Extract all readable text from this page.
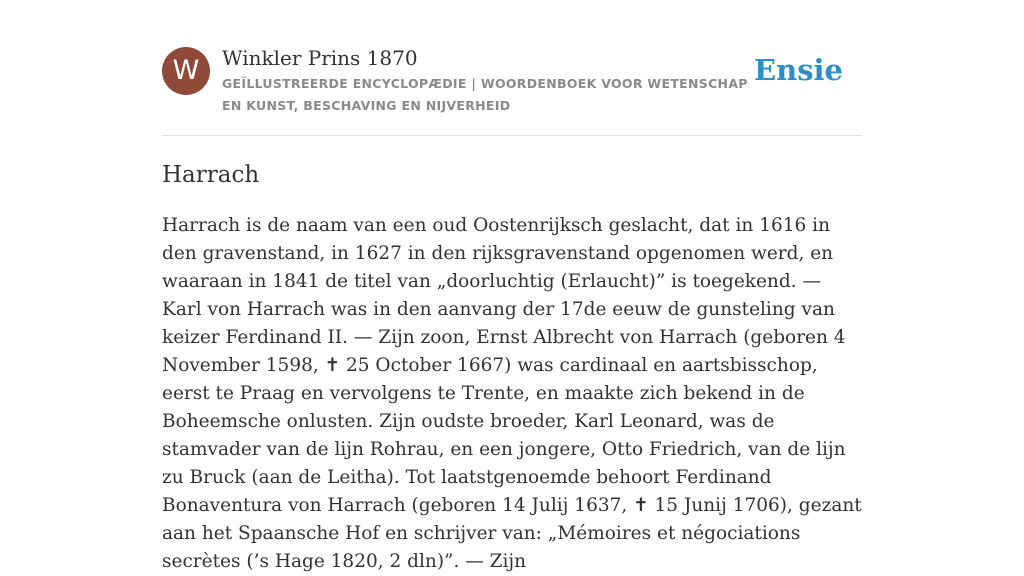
W	Winkler Prins 1870
GEÏLLUSTREERDE ENCYCLOPÆDIE | WOORDENBOEK VOOR WETENSCHAP EN KUNST, BESCHAVING EN NIJVERHEID
Ensie
Harrach

Harrach is de naam van een oud Oostenrijksch geslacht, dat in 1616 in den gravenstand, in 1627 in den rijksgravenstand opgenomen werd, en waaraan in 1841 de titel van „doorluchtig (Erlaucht)” is toegekend. — Karl von Harrach was in den aanvang der 17de eeuw de gunsteling van keizer Ferdinand II. — Zijn zoon, Ernst Albrecht von Harrach (geboren 4 November 1598, ✝ 25 October 1667) was cardinaal en aartsbisschop, eerst te Praag en vervolgens te Trente, en maakte zich bekend in de Boheemsche onlusten. Zijn oudste broeder, Karl Leonard, was de stamvader van de lijn Rohrau, en een jongere, Otto Friedrich, van de lijn zu Bruck (aan de Leitha). Tot laatstgenoemde behoort Ferdinand Bonaventura von Harrach (geboren 14 Julij 1637, ✝ 15 Junij 1706), gezant aan het Spaansche Hof en schrijver van: „Mémoires et négociations secrètes (’s Hage 1820, 2 dln)”. — Zijn
